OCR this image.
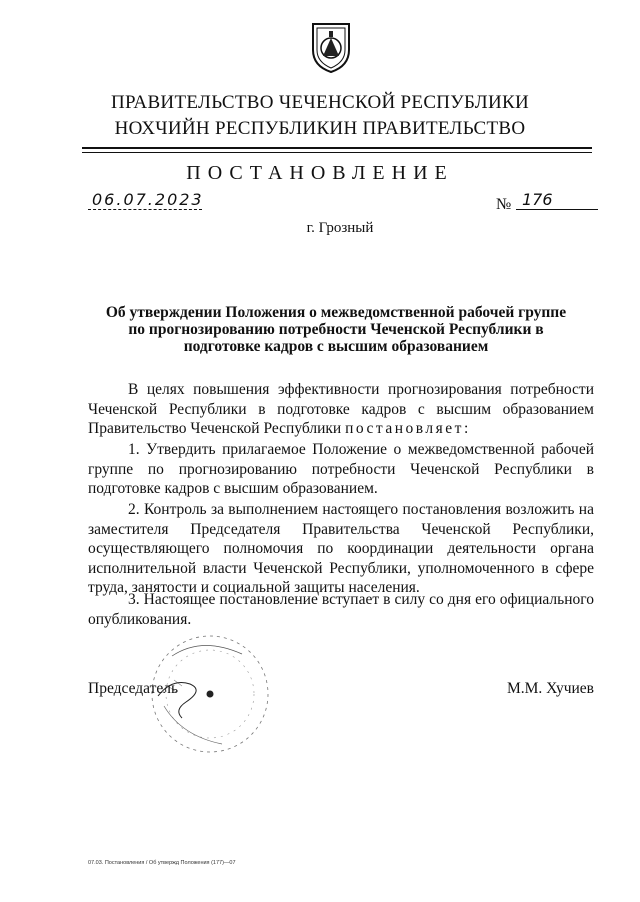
ПРАВИТЕЛЬСТВО ЧЕЧЕНСКОЙ РЕСПУБЛИКИ
НОХЧИЙН РЕСПУБЛИКИН ПРАВИТЕЛЬСТВО
ПОСТАНОВЛЕНИЕ
06.07.2023	№ 176
г. Грозный
Об утверждении Положения о межведомственной рабочей группе по прогнозированию потребности Чеченской Республики в подготовке кадров с высшим образованием
В целях повышения эффективности прогнозирования потребности Чеченской Республики в подготовке кадров с высшим образованием Правительство Чеченской Республики постановляет:
1. Утвердить прилагаемое Положение о межведомственной рабочей группе по прогнозированию потребности Чеченской Республики в подготовке кадров с высшим образованием.
2. Контроль за выполнением настоящего постановления возложить на заместителя Председателя Правительства Чеченской Республики, осуществляющего полномочия по координации деятельности органа исполнительной власти Чеченской Республики, уполномоченного в сфере труда, занятости и социальной защиты населения.
3. Настоящее постановление вступает в силу со дня его официального опубликования.
Председатель	М.М. Хучиев
07.03. Постановления / Об утвержд Положения (177)—07
